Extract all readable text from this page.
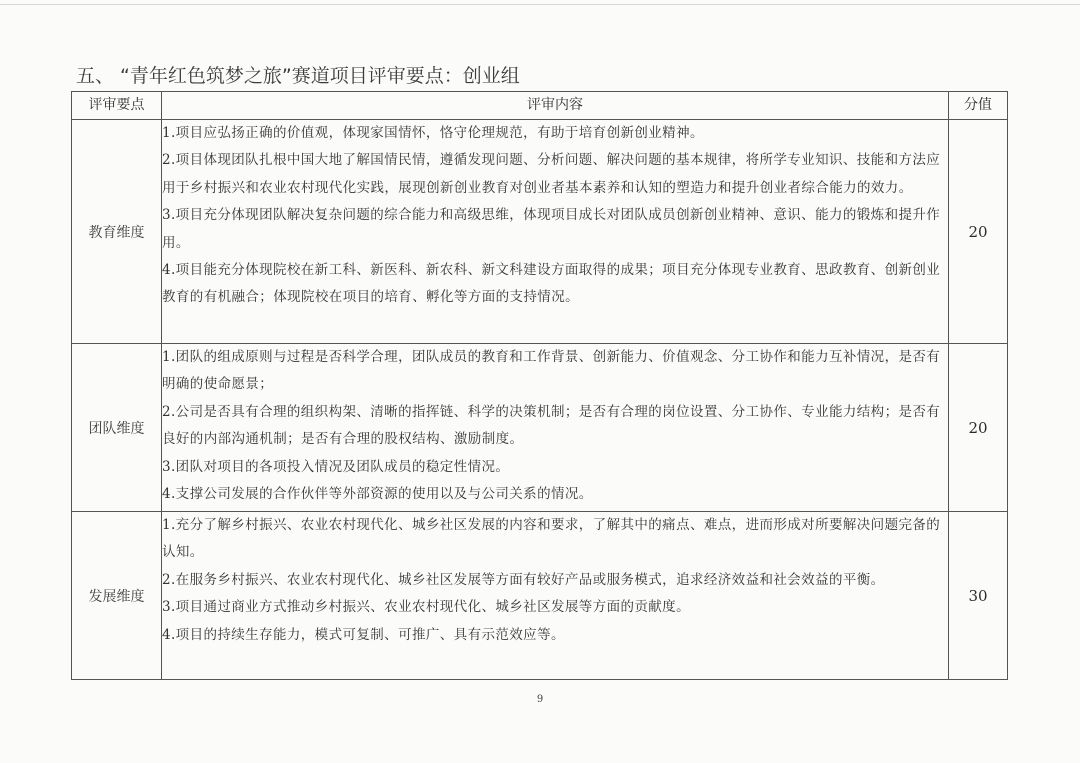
五、 “青年红色筑梦之旅”赛道项目评审要点：创业组
评审要点	评审内容	分值
教育维度	1.项目应弘扬正确的价值观，体现家国情怀，恪守伦理规范，有助于培育创新创业精神。

2.项目体现团队扎根中国大地了解国情民情，遵循发现问题、分析问题、解决问题的基本规律，将所学专业知识、技能和方法应用于乡村振兴和农业农村现代化实践，展现创新创业教育对创业者基本素养和认知的塑造力和提升创业者综合能力的效力。

3.项目充分体现团队解决复杂问题的综合能力和高级思维，体现项目成长对团队成员创新创业精神、意识、能力的锻炼和提升作用。

4.项目能充分体现院校在新工科、新医科、新农科、新文科建设方面取得的成果；项目充分体现专业教育、思政教育、创新创业教育的有机融合；体现院校在项目的培育、孵化等方面的支持情况。	20
团队维度	1.团队的组成原则与过程是否科学合理，团队成员的教育和工作背景、创新能力、价值观念、分工协作和能力互补情况，是否有明确的使命愿景；

2.公司是否具有合理的组织构架、清晰的指挥链、科学的决策机制；是否有合理的岗位设置、分工协作、专业能力结构；是否有良好的内部沟通机制；是否有合理的股权结构、激励制度。

3.团队对项目的各项投入情况及团队成员的稳定性情况。

4.支撑公司发展的合作伙伴等外部资源的使用以及与公司关系的情况。	20
发展维度	1.充分了解乡村振兴、农业农村现代化、城乡社区发展的内容和要求，了解其中的痛点、难点，进而形成对所要解决问题完备的认知。

2.在服务乡村振兴、农业农村现代化、城乡社区发展等方面有较好产品或服务模式，追求经济效益和社会效益的平衡。

3.项目通过商业方式推动乡村振兴、农业农村现代化、城乡社区发展等方面的贡献度。

4.项目的持续生存能力，模式可复制、可推广、具有示范效应等。	30
9
